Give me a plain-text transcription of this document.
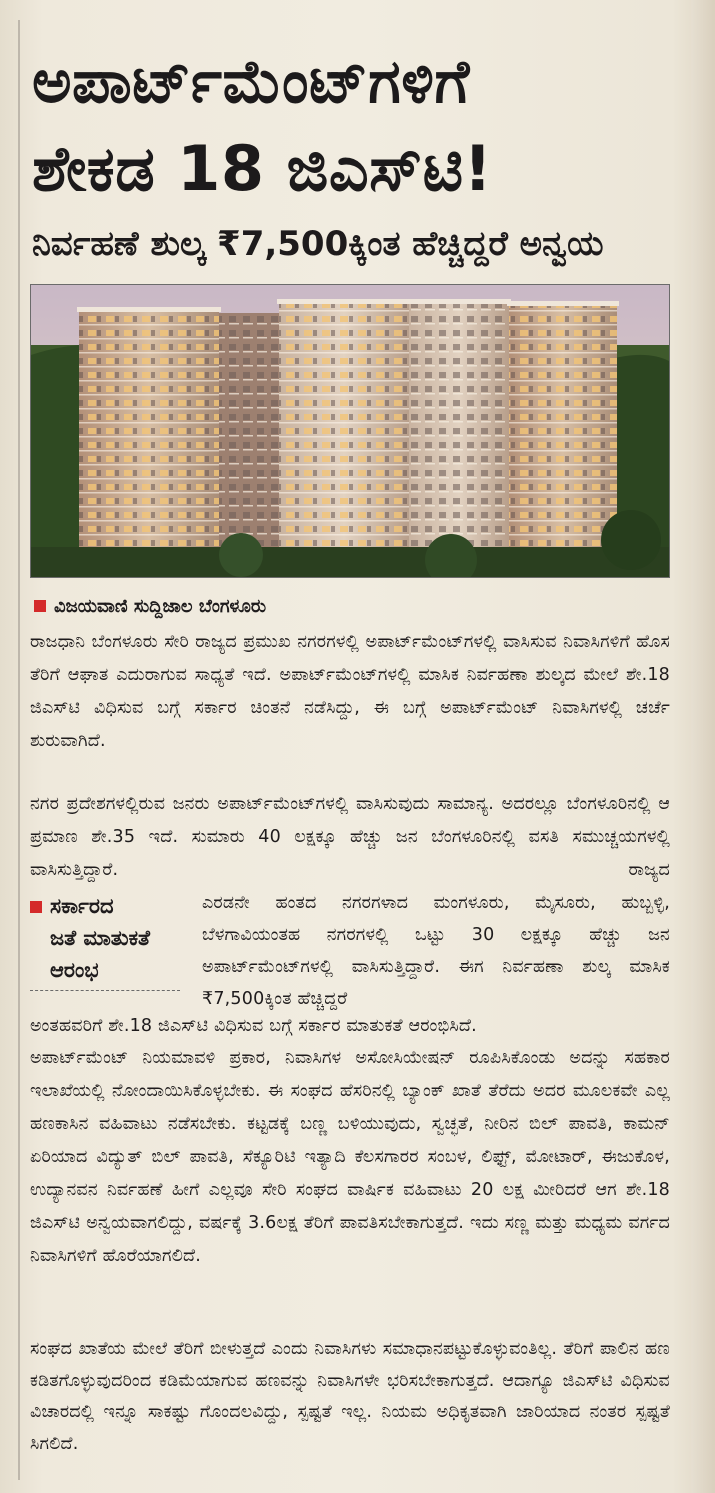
ಅಪಾರ್ಟ್‌ಮೆಂಟ್‌ಗಳಿಗೆ
ಶೇಕಡ 18 ಜಿಎಸ್‌ಟಿ!
ನಿರ್ವಹಣೆ ಶುಲ್ಕ ₹7,500ಕ್ಕಿಂತ ಹೆಚ್ಚಿದ್ದರೆ ಅನ್ವಯ
ವಿಜಯವಾಣಿ ಸುದ್ದಿಜಾಲ ಬೆಂಗಳೂರು

ರಾಜಧಾನಿ ಬೆಂಗಳೂರು ಸೇರಿ ರಾಜ್ಯದ ಪ್ರಮುಖ ನಗರಗಳಲ್ಲಿ ಅಪಾರ್ಟ್‌ಮೆಂಟ್‌ಗಳಲ್ಲಿ ವಾಸಿಸುವ ನಿವಾಸಿಗಳಿಗೆ ಹೊಸ ತೆರಿಗೆ ಆಘಾತ ಎದುರಾಗುವ ಸಾಧ್ಯತೆ ಇದೆ. ಅಪಾರ್ಟ್‌ಮೆಂಟ್‌ಗಳಲ್ಲಿ ಮಾಸಿಕ ನಿರ್ವಹಣಾ ಶುಲ್ಕದ ಮೇಲೆ ಶೇ.18 ಜಿಎಸ್‌ಟಿ ವಿಧಿಸುವ ಬಗ್ಗೆ ಸರ್ಕಾರ ಚಿಂತನೆ ನಡೆಸಿದ್ದು, ಈ ಬಗ್ಗೆ ಅಪಾರ್ಟ್‌ಮೆಂಟ್ ನಿವಾಸಿಗಳಲ್ಲಿ ಚರ್ಚೆ ಶುರುವಾಗಿದೆ.

ನಗರ ಪ್ರದೇಶಗಳಲ್ಲಿರುವ ಜನರು ಅಪಾರ್ಟ್‌ಮೆಂಟ್‌ಗಳಲ್ಲಿ ವಾಸಿಸುವುದು ಸಾಮಾನ್ಯ. ಅದರಲ್ಲೂ ಬೆಂಗಳೂರಿನಲ್ಲಿ ಆ ಪ್ರಮಾಣ ಶೇ.35 ಇದೆ. ಸುಮಾರು 40 ಲಕ್ಷಕ್ಕೂ ಹೆಚ್ಚು ಜನ ಬೆಂಗಳೂರಿನಲ್ಲಿ ವಸತಿ ಸಮುಚ್ಚಯಗಳಲ್ಲಿ ವಾಸಿಸುತ್ತಿದ್ದಾರೆ. ರಾಜ್ಯದ

ಸರ್ಕಾರದ
ಜತೆ ಮಾತುಕತೆ
ಆರಂಭ

ಎರಡನೇ ಹಂತದ ನಗರಗಳಾದ ಮಂಗಳೂರು, ಮೈಸೂರು, ಹುಬ್ಬಳ್ಳಿ, ಬೆಳಗಾವಿಯಂತಹ ನಗರಗಳಲ್ಲಿ ಒಟ್ಟು 30 ಲಕ್ಷಕ್ಕೂ ಹೆಚ್ಚು ಜನ ಅಪಾರ್ಟ್‌ಮೆಂಟ್‌ಗಳಲ್ಲಿ ವಾಸಿಸುತ್ತಿದ್ದಾರೆ. ಈಗ ನಿರ್ವಹಣಾ ಶುಲ್ಕ ಮಾಸಿಕ ₹7,500ಕ್ಕಿಂತ ಹೆಚ್ಚಿದ್ದರೆ

ಅಂತಹವರಿಗೆ ಶೇ.18 ಜಿಎಸ್‌ಟಿ ವಿಧಿಸುವ ಬಗ್ಗೆ ಸರ್ಕಾರ ಮಾತುಕತೆ ಆರಂಭಿಸಿದೆ.

ಅಪಾರ್ಟ್‌ಮೆಂಟ್ ನಿಯಮಾವಳಿ ಪ್ರಕಾರ, ನಿವಾಸಿಗಳ ಅಸೋಸಿಯೇಷನ್ ರೂಪಿಸಿಕೊಂಡು ಅದನ್ನು ಸಹಕಾರ ಇಲಾಖೆಯಲ್ಲಿ ನೋಂದಾಯಿಸಿಕೊಳ್ಳಬೇಕು. ಈ ಸಂಘದ ಹೆಸರಿನಲ್ಲಿ ಬ್ಯಾಂಕ್ ಖಾತೆ ತೆರೆದು ಅದರ ಮೂಲಕವೇ ಎಲ್ಲ ಹಣಕಾಸಿನ ವಹಿವಾಟು ನಡೆಸಬೇಕು. ಕಟ್ಟಡಕ್ಕೆ ಬಣ್ಣ ಬಳಿಯುವುದು, ಸ್ವಚ್ಛತೆ, ನೀರಿನ ಬಿಲ್ ಪಾವತಿ, ಕಾಮನ್ ಏರಿಯಾದ ವಿದ್ಯುತ್ ಬಿಲ್ ಪಾವತಿ, ಸೆಕ್ಯೂರಿಟಿ ಇತ್ಯಾದಿ ಕೆಲಸಗಾರರ ಸಂಬಳ, ಲಿಫ್ಟ್, ಮೋಟಾರ್, ಈಜುಕೊಳ, ಉದ್ಯಾನವನ ನಿರ್ವಹಣೆ ಹೀಗೆ ಎಲ್ಲವೂ ಸೇರಿ ಸಂಘದ ವಾರ್ಷಿಕ ವಹಿವಾಟು 20 ಲಕ್ಷ ಮೀರಿದರೆ ಆಗ ಶೇ.18 ಜಿಎಸ್‌ಟಿ ಅನ್ವಯವಾಗಲಿದ್ದು, ವರ್ಷಕ್ಕೆ 3.6ಲಕ್ಷ ತೆರಿಗೆ ಪಾವತಿಸಬೇಕಾಗುತ್ತದೆ. ಇದು ಸಣ್ಣ ಮತ್ತು ಮಧ್ಯಮ ವರ್ಗದ ನಿವಾಸಿಗಳಿಗೆ ಹೊರೆಯಾಗಲಿದೆ.

ಸಂಘದ ಖಾತೆಯ ಮೇಲೆ ತೆರಿಗೆ ಬೀಳುತ್ತದೆ ಎಂದು ನಿವಾಸಿಗಳು ಸಮಾಧಾನಪಟ್ಟುಕೊಳ್ಳುವಂತಿಲ್ಲ. ತೆರಿಗೆ ಪಾಲಿನ ಹಣ ಕಡಿತಗೊಳ್ಳುವುದರಿಂದ ಕಡಿಮೆಯಾಗುವ ಹಣವನ್ನು ನಿವಾಸಿಗಳೇ ಭರಿಸಬೇಕಾಗುತ್ತದೆ. ಆದಾಗ್ಯೂ ಜಿಎಸ್‌ಟಿ ವಿಧಿಸುವ ವಿಚಾರದಲ್ಲಿ ಇನ್ನೂ ಸಾಕಷ್ಟು ಗೊಂದಲವಿದ್ದು, ಸ್ಪಷ್ಟತೆ ಇಲ್ಲ. ನಿಯಮ ಅಧಿಕೃತವಾಗಿ ಜಾರಿಯಾದ ನಂತರ ಸ್ಪಷ್ಟತೆ ಸಿಗಲಿದೆ.
